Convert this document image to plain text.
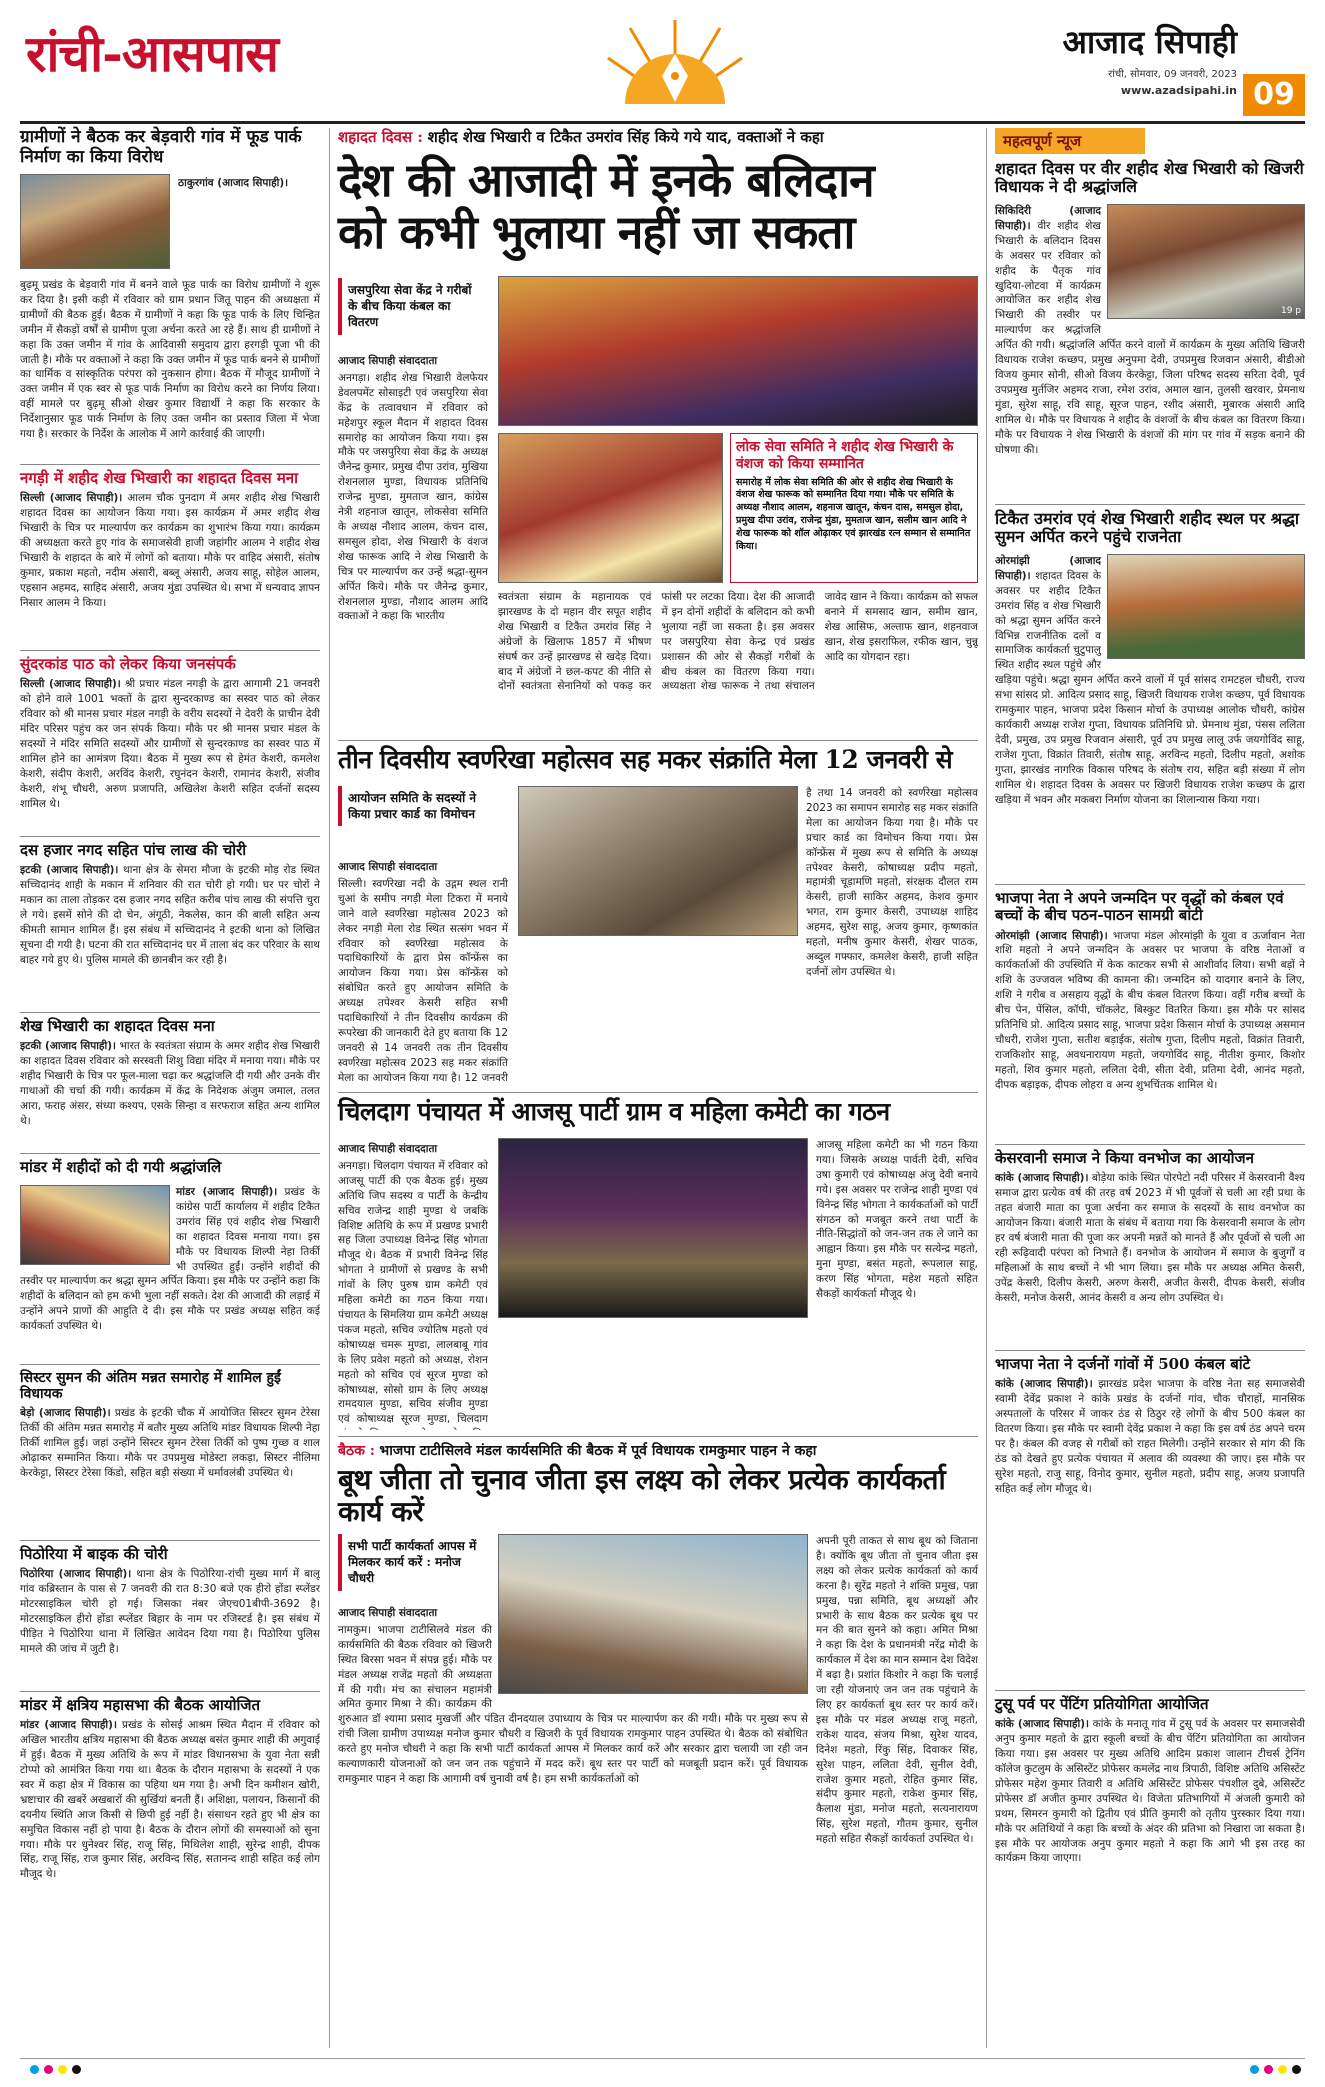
रांची-आसपास	आजाद सिपाही
रांची, सोमवार, 09 जनवरी, 2023
www.azadsipahi.in 09
ग्रामीणों ने बैठक कर बेड़वारी गांव में फूड पार्क निर्माण का किया विरोध
ठाकुरगांव (आजाद सिपाही)।
बुढ़मू प्रखंड के बेड़वारी गांव में बनने वाले फूड पार्क का विरोध ग्रामीणों ने शुरू कर दिया है। इसी कड़ी में रविवार को ग्राम प्रधान जितू पाहन की अध्यक्षता में ग्रामीणों की बैठक हुई। बैठक में ग्रामीणों ने कहा कि फूड पार्क के लिए चिन्हित जमीन में सैकड़ों वर्षों से ग्रामीण पूजा अर्चना करते आ रहे हैं। साथ ही ग्रामीणों ने कहा कि उक्त जमीन में गांव के आदिवासी समुदाय द्वारा हरगड़ी पूजा भी की जाती है। मौके पर वक्ताओं ने कहा कि उक्त जमीन में फूड पार्क बनने से ग्रामीणों का धार्मिक व सांस्कृतिक परंपरा को नुकसान होगा। बैठक में मौजूद ग्रामीणों ने उक्त जमीन में एक स्वर से फूड पार्क निर्माण का विरोध करने का निर्णय लिया। वहीं मामले पर बुढ़मू सीओ शेखर कुमार विद्यार्थी ने कहा कि सरकार के निर्देशानुसार फूड पार्क निर्माण के लिए उक्त जमीन का प्रस्ताव जिला में भेजा गया है। सरकार के निर्देश के आलोक में आगे कार्रवाई की जाएगी।
नगड़ी में शहीद शेख भिखारी का शहादत दिवस मना
सिल्ली (आजाद सिपाही)। आलम चौक पुनदाग में अमर शहीद शेख भिखारी शहादत दिवस का आयोजन किया गया। इस कार्यक्रम में अमर शहीद शेख भिखारी के चित्र पर माल्यार्पण कर कार्यक्रम का शुभारंभ किया गया। कार्यक्रम की अध्यक्षता करते हुए गांव के समाजसेवी हाजी जहांगीर आलम ने शहीद शेख भिखारी के शहादत के बारे में लोगों को बताया। मौके पर वाहिद अंसारी, संतोष कुमार, प्रकाश महतो, नदीम अंसारी, बब्लू अंसारी, अजय साहू, सोहेल आलम, एहसान अहमद, साहिद अंसारी, अजय मुंडा उपस्थित थे। सभा में धन्यवाद ज्ञापन निसार आलम ने किया।
सुंदरकांड पाठ को लेकर किया जनसंपर्क
सिल्ली (आजाद सिपाही)। श्री प्रचार मंडल नगड़ी के द्वारा आगामी 21 जनवरी को होने वाले 1001 भक्तों के द्वारा सुन्दरकाण्ड का सस्वर पाठ को लेकर रविवार को श्री मानस प्रचार मंडल नगड़ी के वरीय सदस्यों ने देवरी के प्राचीन देवी मंदिर परिसर पहुंच कर जन संपर्क किया। मौके पर श्री मानस प्रचार मंडल के सदस्यों ने मंदिर समिति सदस्यों और ग्रामीणों से सुन्दरकाण्ड का सस्वर पाठ में शामिल होने का आमंत्रण दिया। बैठक में मुख्य रूप से हेमंत केशरी, कमलेश केशरी, संदीप केशरी, अरविंद केशरी, रघुनंदन केशरी, रामानंद केशरी, संजीव केशरी, शंभू चौधरी, अरुण प्रजापति, अखिलेश केशरी सहित दर्जनों सदस्य शामिल थे।
दस हजार नगद सहित पांच लाख की चोरी
इटकी (आजाद सिपाही)। थाना क्षेत्र के सेमरा मौजा के इटकी मोड़ रोड स्थित सच्चिदानंद शाही के मकान में शनिवार की रात चोरी हो गयी। घर पर चोरों ने मकान का ताला तोड़कर दस हजार नगद सहित करीब पांच लाख की संपत्ति चुरा ले गये। इसमें सोने की दो चेन, अंगूठी, नेकलेस, कान की बाली सहित अन्य कीमती सामान शामिल हैं। इस संबंध में सच्चिदानंद ने इटकी थाना को लिखित सूचना दी गयी है। घटना की रात सच्चिदानंद घर में ताला बंद कर परिवार के साथ बाहर गये हुए थे। पुलिस मामले की छानबीन कर रही है।
शेख भिखारी का शहादत दिवस मना
इटकी (आजाद सिपाही)। भारत के स्वतंत्रता संग्राम के अमर शहीद शेख भिखारी का शहादत दिवस रविवार को सरस्वती शिशु विद्या मंदिर में मनाया गया। मौके पर शहीद भिखारी के चित्र पर फूल-माला चढ़ा कर श्रद्धांजलि दी गयी और उनके वीर गाथाओं की चर्चा की गयी। कार्यक्रम में केंद्र के निदेशक अंजुम जमाल, तलत आरा, फराह अंसर, संध्या कश्यप, एसके सिन्हा व सरफराज सहित अन्य शामिल थे।
मांडर में शहीदों को दी गयी श्रद्धांजलि
मांडर (आजाद सिपाही)। प्रखंड के कांग्रेस पार्टी कार्यालय में शहीद टिकैत उमरांव सिंह एवं शहीद शेख भिखारी का शहादत दिवस मनाया गया। इस मौके पर विधायक शिल्पी नेहा तिर्की भी उपस्थित हुईं। उन्होंने शहीदों की तस्वीर पर माल्यार्पण कर श्रद्धा सुमन अर्पित किया। इस मौके पर उन्होंने कहा कि शहीदों के बलिदान को हम कभी भुला नहीं सकते। देश की आजादी की लड़ाई में उन्होंने अपने प्राणों की आहुति दे दी। इस मौके पर प्रखंड अध्यक्ष सहित कई कार्यकर्ता उपस्थित थे।
सिस्टर सुमन की अंतिम मन्नत समारोह में शामिल हुईं विधायक
बेड़ो (आजाद सिपाही)। प्रखंड के इटकी चौक में आयोजित सिस्टर सुमन टेरेसा तिर्की की अंतिम मन्नत समारोह में बतौर मुख्य अतिथि मांडर विधायक शिल्पी नेहा तिर्की शामिल हुईं। जहां उन्होंने सिस्टर सुमन टेरेसा तिर्की को पुष्प गुच्छ व शाल ओढ़ाकर सम्मानित किया। मौके पर उपप्रमुख मोडेस्टा लकड़ा, सिस्टर नीलिमा केरकेट्टा, सिस्टर टेरेसा किंडो, सहित बड़ी संख्या में धर्मावलंबी उपस्थित थे।
पिठोरिया में बाइक की चोरी
पिठोरिया (आजाद सिपाही)। थाना क्षेत्र के पिठोरिया-रांची मुख्य मार्ग में बालू गांव कब्रिस्तान के पास से 7 जनवरी की रात 8:30 बजे एक हीरो होंडा स्प्लेंडर मोटरसाइकिल चोरी हो गई। जिसका नंबर जेएच01बीपी-3692 है। मोटरसाइकिल हीरो होंडा स्प्लेंडर बिहार के नाम पर रजिस्टर्ड है। इस संबंध में पीड़ित ने पिठोरिया थाना में लिखित आवेदन दिया गया है। पिठोरिया पुलिस मामले की जांच में जुटी है।
मांडर में क्षत्रिय महासभा की बैठक आयोजित
मांडर (आजाद सिपाही)। प्रखंड के सोसई आश्रम स्थित मैदान में रविवार को अखिल भारतीय क्षत्रिय महासभा की बैठक अध्यक्ष बसंत कुमार शाही की अगुवाई में हुई। बैठक में मुख्य अतिथि के रूप में मांडर विधानसभा के युवा नेता सन्नी टोप्पो को आमंत्रित किया गया था। बैठक के दौरान महासभा के सदस्यों ने एक स्वर में कहा क्षेत्र में विकास का पहिया थम गया है। अभी दिन कमीशन खोरी, भ्रष्टाचार की खबरें अखबारों की सुर्खियां बनती हैं। अशिक्षा, पलायन, किसानों की दयनीय स्थिति आज किसी से छिपी हुई नहीं है। संसाधन रहते हुए भी क्षेत्र का समुचित विकास नहीं हो पाया है। बैठक के दौरान लोगों की समस्याओं को सुना गया। मौके पर धुनेश्वर सिंह, राजू सिंह, मिथिलेश शाही, सुरेन्द्र शाही, दीपक सिंह, राजू सिंह, राज कुमार सिंह, अरविन्द सिंह, सतानन्द शाही सहित कई लोग मौजूद थे।
शहादत दिवस : शहीद शेख भिखारी व टिकैत उमरांव सिंह किये गये याद, वक्ताओं ने कहा
देश की आजादी में इनके बलिदान
को कभी भुलाया नहीं जा सकता
जसपुरिया सेवा केंद्र ने गरीबों के बीच किया कंबल का वितरण
आजाद सिपाही संवाददाता
अनगड़ा। शहीद शेख भिखारी वेलफेयर डेवलपमेंट सोसाइटी एवं जसपुरिया सेवा केंद्र के तत्वावधान में रविवार को महेशपुर स्कूल मैदान में शहादत दिवस समारोह का आयोजन किया गया। इस मौके पर जसपुरिया सेवा केंद्र के अध्यक्ष जैनेन्द्र कुमार, प्रमुख दीपा उरांव, मुखिया रोशनलाल मुण्डा, विधायक प्रतिनिधि राजेन्द्र मुण्डा, मुमताज खान, कांग्रेस नेत्री शहनाज खातून, लोकसेवा समिति के अध्यक्ष नौशाद आलम, कंचन दास, समसुल होदा, शेख भिखारी के वंशज शेख फारूक आदि ने शेख भिखारी के चित्र पर माल्यार्पण कर उन्हें श्रद्धा-सुमन अर्पित किये। मौके पर जैनेन्द्र कुमार, रोशनलाल मुण्डा, नौशाद आलम आदि वक्ताओं ने कहा कि भारतीय
लोक सेवा समिति ने शहीद शेख भिखारी के वंशज को किया सम्मानित
समारोह में लोक सेवा समिति की ओर से शहीद शेख भिखारी के वंशज शेख फारूक को सम्मानित दिया गया। मौके पर समिति के अध्यक्ष नौशाद आलम, शहनाज खातून, कंचन दास, समसुल होदा, प्रमुख दीपा उरांव, राजेन्द्र मुंडा, मुमताज खान, सलीम खान आदि ने शेख फारूक को शॉल ओढ़ाकर एवं झारखंड रत्न सम्मान से सम्मानित किया।
स्वतंत्रता संग्राम के महानायक एवं झारखण्ड के दो महान वीर सपूत शहीद शेख भिखारी व टिकैत उमरांव सिंह ने अंग्रेजों के खिलाफ 1857 में भीषण संघर्ष कर उन्हें झारखण्ड से खदेड़ दिया। बाद में अंग्रेजों ने छल-कपट की नीति से दोनों स्वतंत्रता सेनानियों को पकड़ कर फांसी पर लटका दिया। देश की आजादी में इन दोनों शहीदों के बलिदान को कभी भुलाया नहीं जा सकता है। इस अवसर पर जसपुरिया सेवा केन्द्र एवं प्रखंड प्रशासन की ओर से सैकड़ों गरीबों के बीच कंबल का वितरण किया गया। अध्यक्षता शेख फारूक ने तथा संचालन जावेद खान ने किया। कार्यक्रम को सफल बनाने में समसाद खान, समीम खान, शेख आसिफ, अल्ताफ खान, शहनवाज खान, शेख इसराफिल, रफीक खान, चुन्नू आदि का योगदान रहा।
तीन दिवसीय स्वर्णरेखा महोत्सव सह मकर संक्रांति मेला 12 जनवरी से
आयोजन समिति के सदस्यों ने किया प्रचार कार्ड का विमोचन
है तथा 14 जनवरी को स्वर्णरेखा महोत्सव 2023 का समापन समारोह सह मकर संक्रांति मेला का आयोजन किया गया है। मौके पर प्रचार कार्ड का विमोचन किया गया। प्रेस कॉन्फ्रेंस में मुख्य रूप से समिति के अध्यक्ष तपेश्वर केसरी, कोषाध्यक्ष प्रदीप महतो, महामंत्री चूड़ामणि महतो, संरक्षक दौलत राम केसरी, हाजी साकिर अहमद, केशव कुमार भगत, राम कुमार केसरी, उपाध्यक्ष शाहिद अहमद, सुरेश साहू, अजय कुमार, कृष्णकांत महतो, मनीष कुमार केसरी, शेखर पाठक, अब्दुल गफ्फार, कमलेश केसरी, हाजी सहित दर्जनों लोग उपस्थित थे।
आजाद सिपाही संवाददाता
सिल्ली। स्वर्णरेखा नदी के उद्गम स्थल रानी चुआं के समीप नगड़ी मेला टिकरा में मनाये जाने वाले स्वर्णरेखा महोत्सव 2023 को लेकर नगड़ी मेला रोड स्थित सत्संग भवन में रविवार को स्वर्णरेखा महोत्सव के पदाधिकारियों के द्वारा प्रेस कॉन्फ्रेंस का आयोजन किया गया। प्रेस कॉन्फ्रेंस को संबोधित करते हुए आयोजन समिति के अध्यक्ष तपेश्वर केसरी सहित सभी पदाधिकारियों ने तीन दिवसीय कार्यक्रम की रूपरेखा की जानकारी देते हुए बताया कि 12 जनवरी से 14 जनवरी तक तीन दिवसीय स्वर्णरेखा महोत्सव 2023 सह मकर संक्रांति मेला का आयोजन किया गया है। 12 जनवरी
चिलदाग पंचायत में आजसू पार्टी ग्राम व महिला कमेटी का गठन
आजाद सिपाही संवाददाता
अनगड़ा। चिलदाग पंचायत में रविवार को आजसू पार्टी की एक बैठक हुई। मुख्य अतिथि जिप सदस्य व पार्टी के केन्द्रीय सचिव राजेन्द्र शाही मुण्डा थे जबकि विशिष्ट अतिथि के रूप में प्रखण्ड प्रभारी सह जिला उपाध्यक्ष विनेन्द्र सिंह भोगता मौजूद थे। बैठक में प्रभारी विनेन्द्र सिंह भोगता ने ग्रामीणों से प्रखण्ड के सभी गांवों के लिए पुरुष ग्राम कमेटी एवं महिला कमेटी का गठन किया गया। पंचायत के सिमलिया ग्राम कमेटी अध्यक्ष पंकज महतो, सचिव ज्योतिष महतो एवं कोषाध्यक्ष चमरू मुण्डा, लालबाबू गांव के लिए प्रवेश महतो को अध्यक्ष, रोशन महतो को सचिव एवं सूरज मुण्डा को कोषाध्यक्ष, सोसो ग्राम के लिए अध्यक्ष रामदयाल मुण्डा, सचिव संजीव मुण्डा एवं कोषाध्यक्ष सूरज मुण्डा, चिलदाग
आजसू महिला कमेटी का भी गठन किया गया। जिसके अध्यक्ष पार्वती देवी, सचिव उषा कुमारी एवं कोषाध्यक्ष अंजु देवी बनाये गये। इस अवसर पर राजेन्द्र शाही मुण्डा एवं विनेन्द्र सिंह भोगता ने कार्यकर्ताओं को पार्टी संगठन को मजबूत करने तथा पार्टी के नीति-सिद्धांतों को जन-जन तक ले जाने का आह्वान किया। इस मौके पर सत्येन्द्र महतो, मुना मुण्डा, बसंत महतो, रूपलाल साहू, करण सिंह भोगता, महेश महतो सहित सैकड़ों कार्यकर्ता मौजूद थे।
बैठक : भाजपा टाटीसिलवे मंडल कार्यसमिति की बैठक में पूर्व विधायक रामकुमार पाहन ने कहा
बूथ जीता तो चुनाव जीता इस लक्ष्य को लेकर प्रत्येक कार्यकर्ता कार्य करें
सभी पार्टी कार्यकर्ता आपस में मिलकर कार्य करें : मनोज चौधरी
अपनी पूरी ताकत से साथ बूथ को जिताना है। क्योंकि बूथ जीता तो चुनाव जीता इस लक्ष्य को लेकर प्रत्येक कार्यकर्ता को कार्य करना है। सुरेंद्र महतो ने शक्ति प्रमुख, पन्ना प्रमुख, पन्ना समिति, बूथ अध्यक्षों और प्रभारी के साथ बैठक कर प्रत्येक बूथ पर मन की बात सुनने को कहा। अमित मिश्रा ने कहा कि देश के प्रधानमंत्री नरेंद्र मोदी के कार्यकाल में देश का मान सम्मान देश विदेश में बढ़ा है। प्रशांत किशोर ने कहा कि चलाई जा रही योजनाएं जन जन तक पहुंचाने के लिए हर कार्यकर्ता बूथ स्तर पर कार्य करें। इस मौके पर मंडल अध्यक्ष राजू महतो, राकेश यादव, संजय मिश्रा, सुरेश यादव, दिनेश महतो, रिंकु सिंह, दिवाकर सिंह, सुरेश पाहन, ललिता देवी, सुनील देवी, राजेश कुमार महतो, रोहित कुमार सिंह, संदीप कुमार महतो, राकेश कुमार सिंह, कैलाश मुंडा, मनोज महतो, सत्यनारायण सिंह, सुरेश महतो, गौतम कुमार, सुनील महतो सहित सैकड़ों कार्यकर्ता उपस्थित थे।
आजाद सिपाही संवाददाता
नामकुम। भाजपा टाटीसिलवे मंडल की कार्यसमिति की बैठक रविवार को खिजरी स्थित बिरसा भवन में संपन्न हुई। मौके पर मंडल अध्यक्ष राजेंद्र महतो की अध्यक्षता में की गयी। मंच का संचालन महामंत्री अमित कुमार मिश्रा ने की। कार्यक्रम की शुरुआत डॉ श्यामा प्रसाद मुखर्जी और पंडित दीनदयाल उपाध्याय के चित्र पर माल्यार्पण कर की गयी। मौके पर मुख्य रूप से रांची जिला ग्रामीण उपाध्यक्ष मनोज कुमार चौधरी व खिजरी के पूर्व विधायक रामकुमार पाहन उपस्थित थे। बैठक को संबोधित करते हुए मनोज चौधरी ने कहा कि सभी पार्टी कार्यकर्ता आपस में मिलकर कार्य करें और सरकार द्वारा चलायी जा रही जन कल्याणकारी योजनाओं को जन जन तक पहुंचाने में मदद करें। बूथ स्तर पर पार्टी को मजबूती प्रदान करें। पूर्व विधायक रामकुमार पाहन ने कहा कि आगामी वर्ष चुनावी वर्ष है। हम सभी कार्यकर्ताओं को
महत्वपूर्ण न्यूज
शहादत दिवस पर वीर शहीद शेख भिखारी को खिजरी विधायक ने दी श्रद्धांजलि
19 p
सिकिदिरी (आजाद सिपाही)। वीर शहीद शेख भिखारी के बलिदान दिवस के अवसर पर रविवार को शहीद के पैतृक गांव खुदिया-लोटवा में कार्यक्रम आयोजित कर शहीद शेख भिखारी की तस्वीर पर माल्यार्पण कर श्रद्धांजलि अर्पित की गयी। श्रद्धांजलि अर्पित करने वालों में कार्यक्रम के मुख्य अतिथि खिजरी विधायक राजेश कच्छप, प्रमुख अनुपमा देवी, उपप्रमुख रिजवान अंसारी, बीडीओ विजय कुमार सोनी, सीओ विजय केरकेट्टा, जिला परिषद सदस्य सरिता देवी, पूर्व उपप्रमुख मुर्तजिर अहमद राजा, रमेश उरांव, अमाल खान, तुलसी खरवार, प्रेमनाथ मुंडा, सुरेश साहू, रवि साहू, सूरज पाहन, रशीद अंसारी, मुबारक अंसारी आदि शामिल थे। मौके पर विधायक ने शहीद के वंशजों के बीच कंबल का वितरण किया। मौके पर विधायक ने शेख भिखारी के वंशजों की मांग पर गांव में सड़क बनाने की घोषणा की।
टिकैत उमरांव एवं शेख भिखारी शहीद स्थल पर श्रद्धा सुमन अर्पित करने पहुंचे राजनेता
ओरमांझी (आजाद सिपाही)। शहादत दिवस के अवसर पर शहीद टिकैत उमरांव सिंह व शेख भिखारी को श्रद्धा सुमन अर्पित करने विभिन्न राजनीतिक दलों व सामाजिक कार्यकर्ता चुटुपालु स्थित शहीद स्थल पहुंचे और खड़िया पहुंचे। श्रद्धा सुमन अर्पित करने वालों में पूर्व सांसद रामटहल चौधरी, राज्य सभा सांसद प्रो. आदित्य प्रसाद साहू, खिजरी विधायक राजेश कच्छप, पूर्व विधायक रामकुमार पाहन, भाजपा प्रदेश किसान मोर्चा के उपाध्यक्ष आलोक चौधरी, कांग्रेस कार्यकारी अध्यक्ष राजेश गुप्ता, विधायक प्रतिनिधि प्रो. प्रेमनाथ मुंडा, पंसस ललिता देवी, प्रमुख, उप प्रमुख रिजवान अंसारी, पूर्व उप प्रमुख लालू उर्फ जयगोविंद साहू, राजेश गुप्ता, विक्रांत तिवारी, संतोष साहू, अरविन्द महतो, दिलीप महतो, अशोक गुप्ता, झारखंड नागरिक विकास परिषद के संतोष राय, सहित बड़ी संख्या में लोग शामिल थे। शहादत दिवस के अवसर पर खिजरी विधायक राजेश कच्छप के द्वारा खड़िया में भवन और मकबरा निर्माण योजना का शिलान्यास किया गया।
भाजपा नेता ने अपने जन्मदिन पर वृद्धों को कंबल एवं बच्चों के बीच पठन-पाठन सामग्री बांटी
ओरमांझी (आजाद सिपाही)। भाजपा मंडल ओरमांझी के युवा व ऊर्जावान नेता शशि महतो ने अपने जन्मदिन के अवसर पर भाजपा के वरिष्ठ नेताओं व कार्यकर्ताओं की उपस्थिति में केक काटकर सभी से आशीर्वाद लिया। सभी बड़ों ने शशि के उज्जवल भविष्य की कामना की। जन्मदिन को यादगार बनाने के लिए, शशि ने गरीब व असहाय वृद्धों के बीच कंबल वितरण किया। वहीं गरीब बच्चों के बीच पेन, पेंसिल, कॉपी, चॉकलेट, बिस्कुट वितरित किया। इस मौके पर सांसद प्रतिनिधि प्रो. आदित्य प्रसाद साहू, भाजपा प्रदेश किसान मोर्चा के उपाध्यक्ष असमान चौधरी, राजेश गुप्ता, सतीश बड़ाईक, संतोष गुप्ता, दिलीप महतो, विक्रांत तिवारी, राजकिशोर साहू, अवधनारायण महतो, जयगोविंद साहू, नीतीश कुमार, किशोर महतो, शिव कुमार महतो, ललिता देवी, सीता देवी, प्रतिमा देवी, आनंद महतो, दीपक बड़ाइक, दीपक लोहरा व अन्य शुभचिंतक शामिल थे।
केसरवानी समाज ने किया वनभोज का आयोजन
कांके (आजाद सिपाही)। बोड़ेया कांके स्थित पोरपेटो नदी परिसर में केसरवानी वैश्य समाज द्वारा प्रत्येक वर्ष की तरह वर्ष 2023 में भी पूर्वजों से चली आ रही प्रथा के तहत बंजारी माता का पूजा अर्चना कर समाज के सदस्यों के साथ वनभोज का आयोजन किया। बंजारी माता के संबंध में बताया गया कि केसरवानी समाज के लोग हर वर्ष बंजारी माता की पूजा कर अपनी मन्नतें को मानते हैं और पूर्वजों से चली आ रही रूढ़िवादी परंपरा को निभाते हैं। वनभोज के आयोजन में समाज के बुजुर्गों व महिलाओं के साथ बच्चों ने भी भाग लिया। इस मौके पर अध्यक्ष अमित केसरी, उपेंद्र केसरी, दिलीप केसरी, अरुण केसरी, अजीत केसरी, दीपक केसरी, संजीव केसरी, मनोज केसरी, आनंद केसरी व अन्य लोग उपस्थित थे।
भाजपा नेता ने दर्जनों गांवों में 500 कंबल बांटे
कांके (आजाद सिपाही)। झारखंड प्रदेश भाजपा के वरिष्ठ नेता सह समाजसेवी स्वामी देवेंद्र प्रकाश ने कांके प्रखंड के दर्जनों गांव, चौक चौराहों, मानसिक अस्पतालों के परिसर में जाकर ठंड से ठिठुर रहे लोगों के बीच 500 कंबल का वितरण किया। इस मौके पर स्वामी देवेंद्र प्रकाश ने कहा कि इस वर्ष ठंड अपने चरम पर है। कंबल की वजह से गरीबों को राहत मिलेगी। उन्होंने सरकार से मांग की कि ठंड को देखते हुए प्रत्येक पंचायत में अलाव की व्यवस्था की जाए। इस मौके पर सुरेश महतो, राजु साहू, विनोद कुमार, सुनील महतो, प्रदीप साहू, अजय प्रजापति सहित कई लोग मौजूद थे।
टुसू पर्व पर पेंटिंग प्रतियोगिता आयोजित
कांके (आजाद सिपाही)। कांके के मनातू गांव में टुसू पर्व के अवसर पर समाजसेवी अनुप कुमार महतो के द्वारा स्कूली बच्चों के बीच पेंटिंग प्रतियोगिता का आयोजन किया गया। इस अवसर पर मुख्य अतिथि आदिम प्रकाश जालान टीचर्स ट्रेनिंग कॉलेज कुटलुम के असिस्टेंट प्रोफेसर कमलेंद्र नाथ त्रिपाठी, विशिष्ट अतिथि असिस्टेंट प्रोफेसर महेश कुमार तिवारी व अतिथि असिस्टेंट प्रोफेसर पंचशील दुबे, असिस्टेंट प्रोफेसर डॉ अजीत कुमार उपस्थित थे। विजेता प्रतिभागियों में अंजली कुमारी को प्रथम, सिमरन कुमारी को द्वितीय एवं प्रीति कुमारी को तृतीय पुरस्कार दिया गया। मौके पर अतिथियों ने कहा कि बच्चों के अंदर की प्रतिभा को निखारा जा सकता है। इस मौके पर आयोजक अनुप कुमार महतो ने कहा कि आगे भी इस तरह का कार्यक्रम किया जाएगा।
